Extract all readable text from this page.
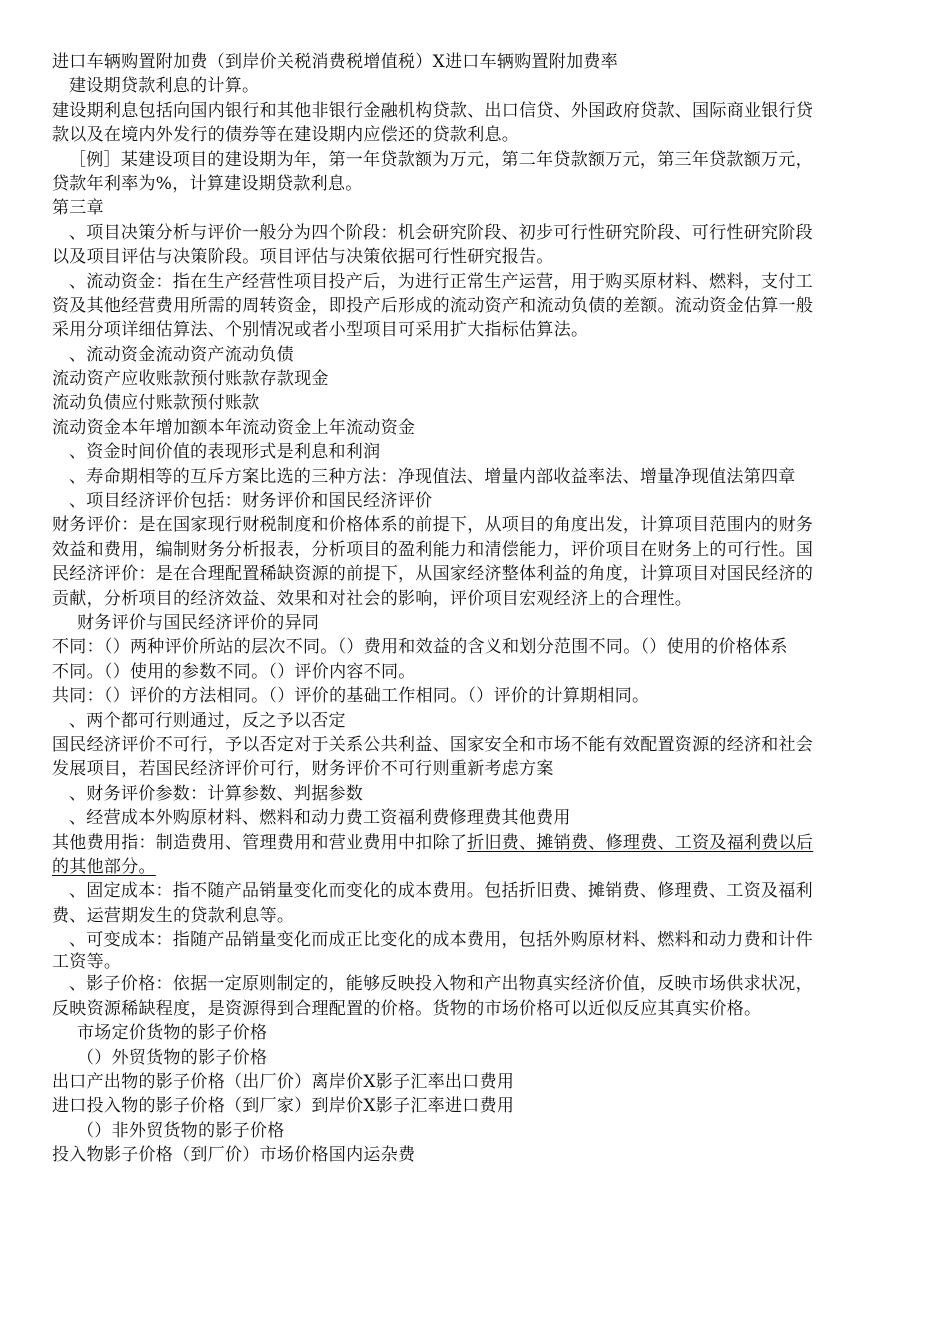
进口车辆购置附加费（到岸价关税消费税增值税）X进口车辆购置附加费率
建设期贷款利息的计算。
建设期利息包括向国内银行和其他非银行金融机构贷款、出口信贷、外国政府贷款、国际商业银行贷
款以及在境内外发行的债券等在建设期内应偿还的贷款利息。
［例］某建设项目的建设期为年，第一年贷款额为万元，第二年贷款额万元，第三年贷款额万元，
贷款年利率为%，计算建设期贷款利息。
第三章
、项目决策分析与评价一般分为四个阶段：机会研究阶段、初步可行性研究阶段、可行性研究阶段
以及项目评估与决策阶段。项目评估与决策依据可行性研究报告。
、流动资金：指在生产经营性项目投产后，为进行正常生产运营，用于购买原材料、燃料，支付工
资及其他经营费用所需的周转资金，即投产后形成的流动资产和流动负债的差额。流动资金估算一般
采用分项详细估算法、个别情况或者小型项目可采用扩大指标估算法。
、流动资金流动资产流动负债
流动资产应收账款预付账款存款现金
流动负债应付账款预付账款
流动资金本年增加额本年流动资金上年流动资金
、资金时间价值的表现形式是利息和利润
、寿命期相等的互斥方案比选的三种方法：净现值法、增量内部收益率法、增量净现值法第四章
、项目经济评价包括：财务评价和国民经济评价
财务评价：是在国家现行财税制度和价格体系的前提下，从项目的角度出发，计算项目范围内的财务
效益和费用，编制财务分析报表，分析项目的盈利能力和清偿能力，评价项目在财务上的可行性。国
民经济评价：是在合理配置稀缺资源的前提下，从国家经济整体利益的角度，计算项目对国民经济的
贡献，分析项目的经济效益、效果和对社会的影响，评价项目宏观经济上的合理性。
财务评价与国民经济评价的异同
不同：（）两种评价所站的层次不同。（）费用和效益的含义和划分范围不同。（）使用的价格体系
不同。（）使用的参数不同。（）评价内容不同。
共同：（）评价的方法相同。（）评价的基础工作相同。（）评价的计算期相同。
、两个都可行则通过，反之予以否定
国民经济评价不可行，予以否定对于关系公共利益、国家安全和市场不能有效配置资源的经济和社会
发展项目，若国民经济评价可行，财务评价不可行则重新考虑方案
、财务评价参数：计算参数、判据参数
、经营成本外购原材料、燃料和动力费工资福利费修理费其他费用
其他费用指：制造费用、管理费用和营业费用中扣除了折旧费、摊销费、修理费、工资及福利费以后
的其他部分。
、固定成本：指不随产品销量变化而变化的成本费用。包括折旧费、摊销费、修理费、工资及福利
费、运营期发生的贷款利息等。
、可变成本：指随产品销量变化而成正比变化的成本费用，包括外购原材料、燃料和动力费和计件
工资等。
、影子价格：依据一定原则制定的，能够反映投入物和产出物真实经济价值，反映市场供求状况，
反映资源稀缺程度，是资源得到合理配置的价格。货物的市场价格可以近似反应其真实价格。
市场定价货物的影子价格
（）外贸货物的影子价格
出口产出物的影子价格（出厂价）离岸价X影子汇率出口费用
进口投入物的影子价格（到厂家）到岸价X影子汇率进口费用
（）非外贸货物的影子价格
投入物影子价格（到厂价）市场价格国内运杂费
